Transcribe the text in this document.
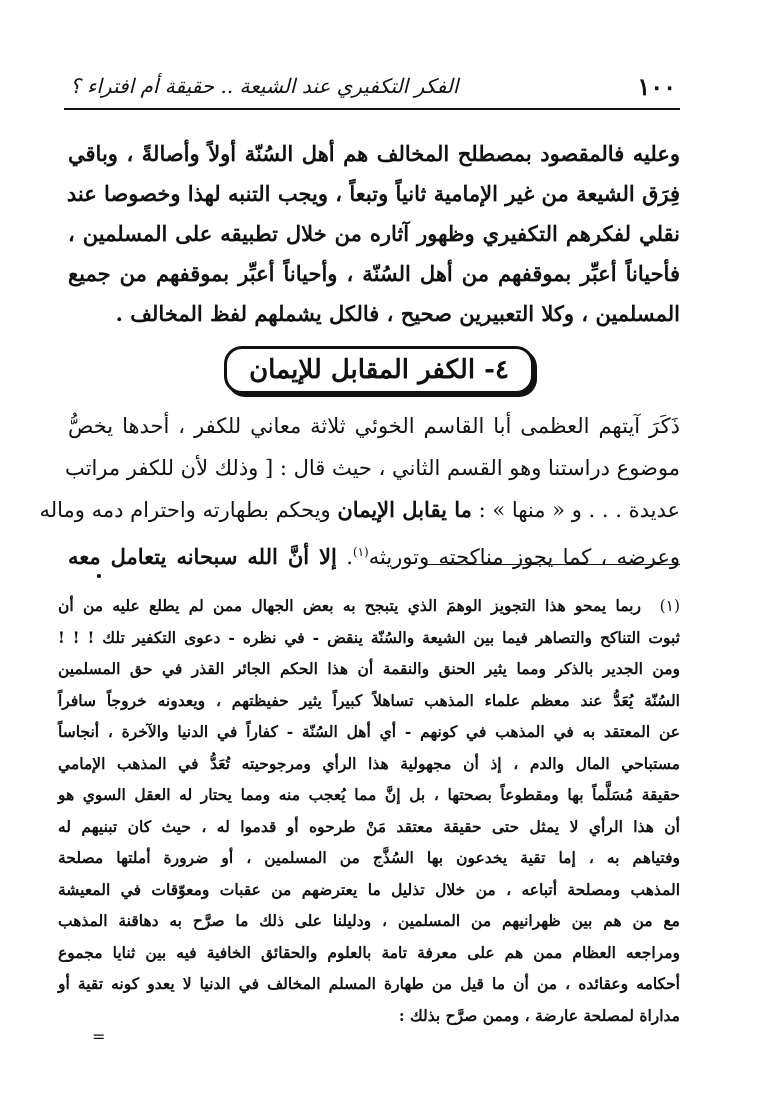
١٠٠
الفكر التكفيري عند الشيعة .. حقيقة أم افتراء ؟
وعليه فالمقصود بمصطلح المخالف هم أهل السُنّة أولاً وأصالةً ، وباقي
فِرَق الشيعة من غير الإمامية ثانياً وتبعاً ، ويجب التنبه لهذا وخصوصا عند
نقلي لفكرهم التكفيري وظهور آثاره من خلال تطبيقه على المسلمين ،
فأحياناً أعبِّر بموقفهم من أهل السُنّة ، وأحياناً أعبِّر بموقفهم من جميع
المسلمين ، وكلا التعبيرين صحيح ، فالكل يشملهم لفظ المخالف .
٤- الكفر المقابل للإيمان
ذَكَرَ آيتهم العظمى أبا القاسم الخوئي ثلاثة معاني للكفر ، أحدها يخصُّ
موضوع دراستنا وهو القسم الثاني ، حيث قال : [ وذلك لأن للكفر مراتب
عديدة . . . و « منها » : ما يقابل الإيمان ويحكم بطهارته واحترام دمه وماله
وعرضه ، كما يجوز مناكحته وتوريثه$^{(١)}$. إلا أنَّ الله سبحانه يتعامل معه
(١)  ربما يمحو هذا التجويز الوهمَ الذي يتبجح به بعض الجهال ممن لم يطلع عليه من أن
ثبوت التناكح والتصاهر فيما بين الشيعة والسُنّة ينقض - في نظره - دعوى التكفير تلك ! ! !
ومن الجدير بالذكر ومما يثير الحنق والنقمة أن هذا الحكم الجائر القذر في حق المسلمين
السُنّة يُعَدُّ عند معظم علماء المذهب تساهلاً كبيراً يثير حفيظتهم ، ويعدونه خروجاً سافراً
عن المعتقد به في المذهب في كونهم - أي أهل السُنّة - كفاراً في الدنيا والآخرة ، أنجاساً
مستباحي المال والدم ، إذ أن مجهولية هذا الرأي ومرجوحيته تُعَدُّ في المذهب الإمامي
حقيقة مُسَلَّماً بها ومقطوعاً بصحتها ، بل إنَّ مما يُعجب منه ومما يحتار له العقل السوي هو
أن هذا الرأي لا يمثل حتى حقيقة معتقد مَنْ طرحوه أو قدموا له ، حيث كان تبنيهم له
وفتياهم به ، إما تقية يخدعون بها السُذَّج من المسلمين ، أو ضرورة أملتها مصلحة
المذهب ومصلحة أتباعه ، من خلال تذليل ما يعترضهم من عقبات ومعوّقات في المعيشة
مع من هم بين ظهرانيهم من المسلمين ، ودليلنا على ذلك ما صرَّح به دهاقنة المذهب
ومراجعه العظام ممن هم على معرفة تامة بالعلوم والحقائق الخافية فيه بين ثنايا مجموع
أحكامه وعقائده ، من أن ما قيل من طهارة المسلم المخالف في الدنيا لا يعدو كونه تقية أو
مداراة لمصلحة عارضة ، وممن صرَّح بذلك :
=
